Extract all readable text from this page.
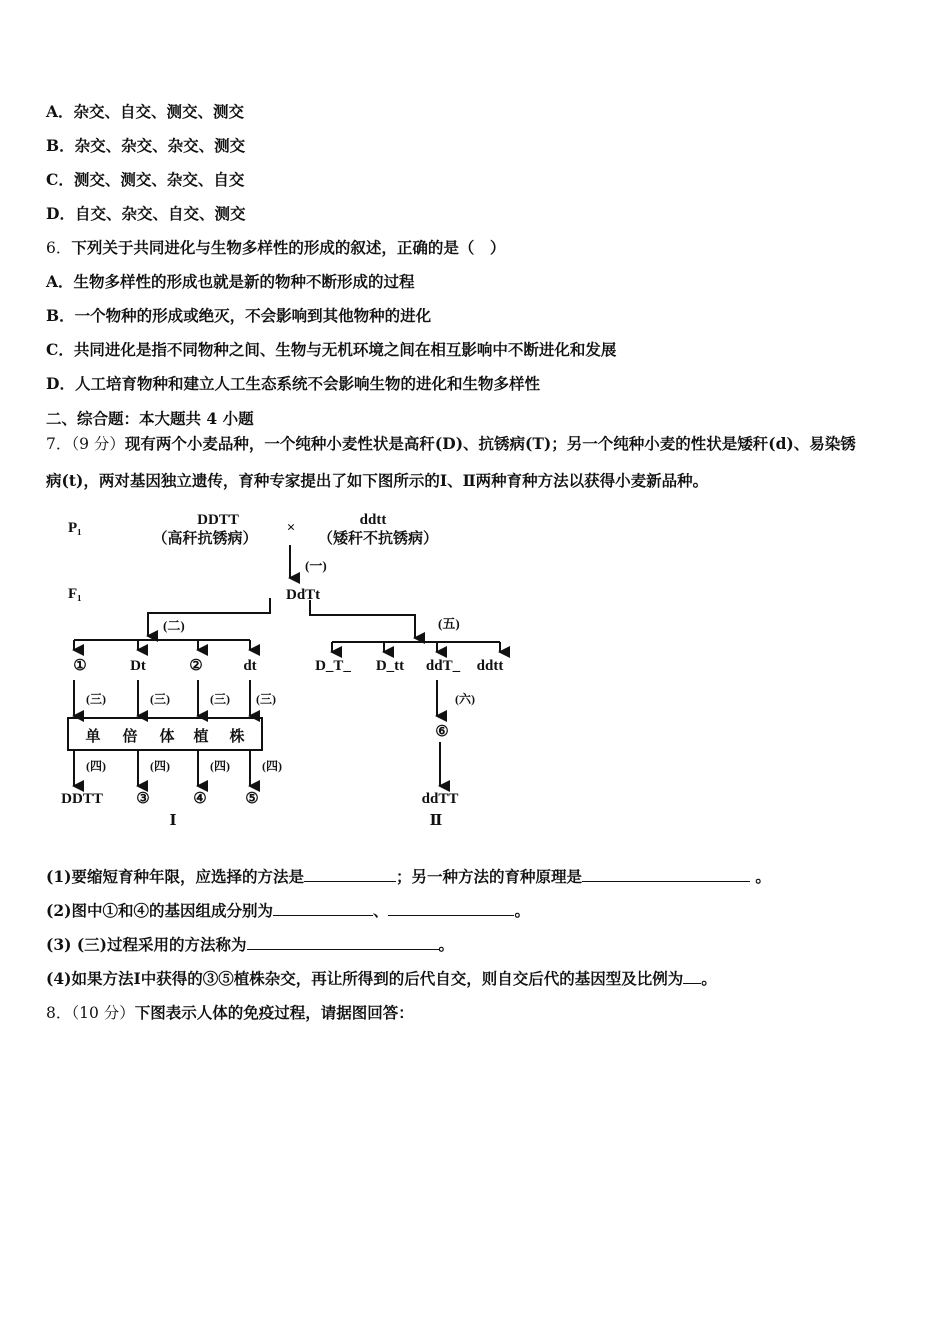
A．杂交、自交、测交、测交
B．杂交、杂交、杂交、测交
C．测交、测交、杂交、自交
D．自交、杂交、自交、测交
6．下列关于共同进化与生物多样性的形成的叙述，正确的是（　）
A．生物多样性的形成也就是新的物种不断形成的过程
B．一个物种的形成或绝灭，不会影响到其他物种的进化
C．共同进化是指不同物种之间、生物与无机环境之间在相互影响中不断进化和发展
D．人工培育物种和建立人工生态系统不会影响生物的进化和生物多样性
二、综合题：本大题共 4 小题
7．（9 分）现有两个小麦品种，一个纯种小麦性状是高秆(D)、抗锈病(T)；另一个纯种小麦的性状是矮秆(d)、易染锈
病(t)，两对基因独立遗传，育种专家提出了如下图所示的Ⅰ、Ⅱ两种育种方法以获得小麦新品种。
P₁	DDTT
（高秆抗锈病）
×	ddtt
（矮秆不抗锈病）
(一)
F₁	DdTt
(二)	(五)
①	Dt	②	dt	D_T_ D_tt ddT_ ddtt
(三)	(三)	(三) (三)	(六)
(四)	(四)	(四)	(四)
单 倍 体 植 株
DDTT ③	④	⑤
⑥
ddTT
Ⅰ	Ⅱ
(1)要缩短育种年限，应选择的方法是	；另一种方法的育种原理是	。
(2)图中①和④的基因组成分别为	、	。
(3) (三)过程采用的方法称为	。
(4)如果方法Ⅰ中获得的③⑤植株杂交，再让所得到的后代自交，则自交后代的基因型及比例为 。
8．（10 分）下图表示人体的免疫过程，请据图回答：
